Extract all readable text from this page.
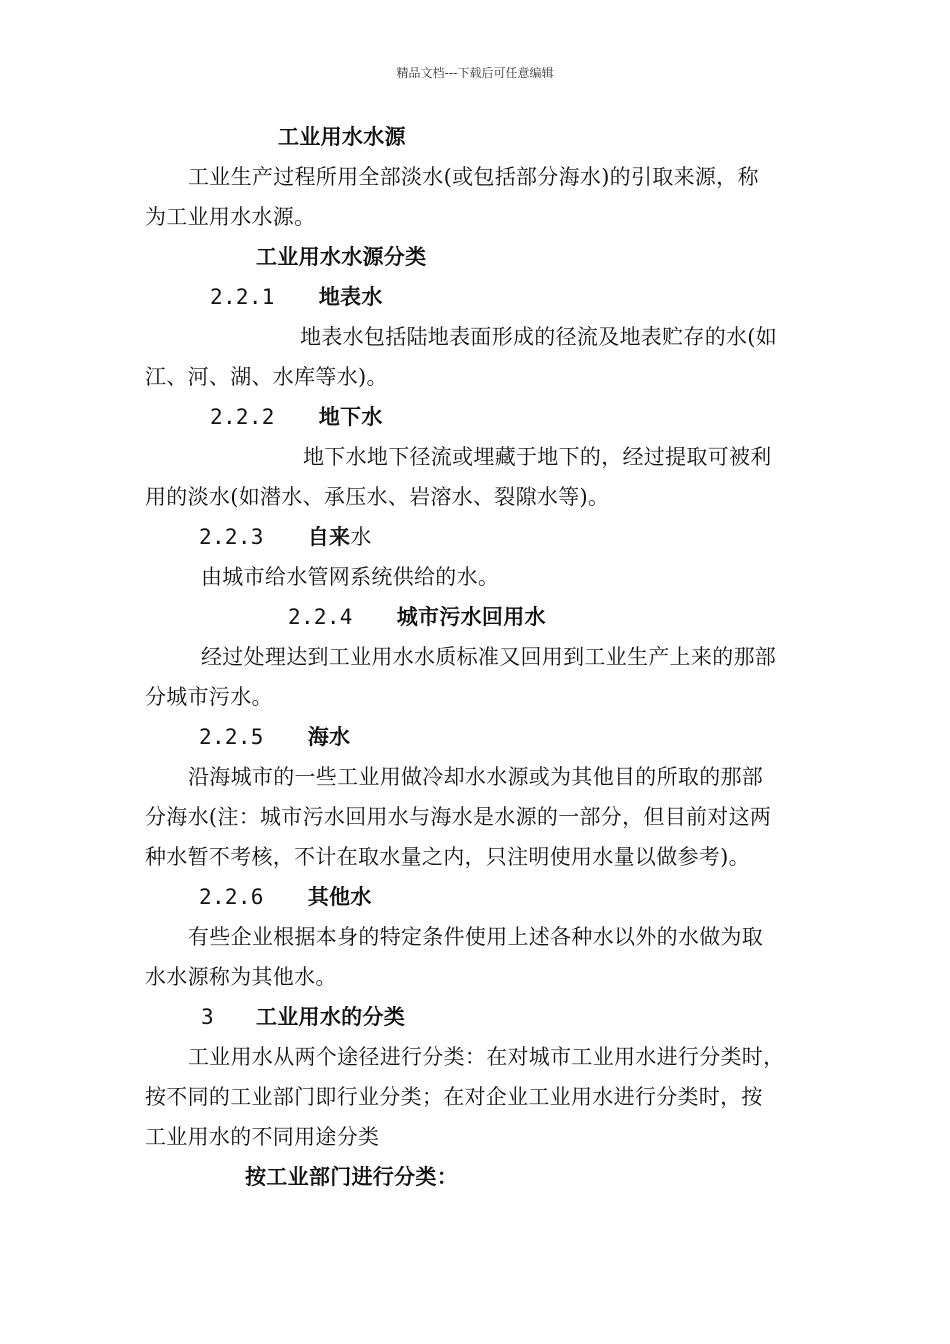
精品文档---下载后可任意编辑
工业用水水源
工业生产过程所用全部淡水(或包括部分海水)的引取来源，称
为工业用水水源。
工业用水水源分类
2.2.1 地表水
地表水包括陆地表面形成的径流及地表贮存的水(如
江、河、湖、水库等水)。
2.2.2 地下水
地下水地下径流或埋藏于地下的，经过提取可被利
用的淡水(如潜水、承压水、岩溶水、裂隙水等)。
2.2.3 自来水
由城市给水管网系统供给的水。
2.2.4 城市污水回用水
经过处理达到工业用水水质标准又回用到工业生产上来的那部
分城市污水。
2.2.5 海水
沿海城市的一些工业用做冷却水水源或为其他目的所取的那部
分海水(注：城市污水回用水与海水是水源的一部分，但目前对这两
种水暂不考核，不计在取水量之内，只注明使用水量以做参考)。
2.2.6 其他水
有些企业根据本身的特定条件使用上述各种水以外的水做为取
水水源称为其他水。
3 工业用水的分类
工业用水从两个途径进行分类：在对城市工业用水进行分类时，
按不同的工业部门即行业分类；在对企业工业用水进行分类时，按
工业用水的不同用途分类
按工业部门进行分类：
